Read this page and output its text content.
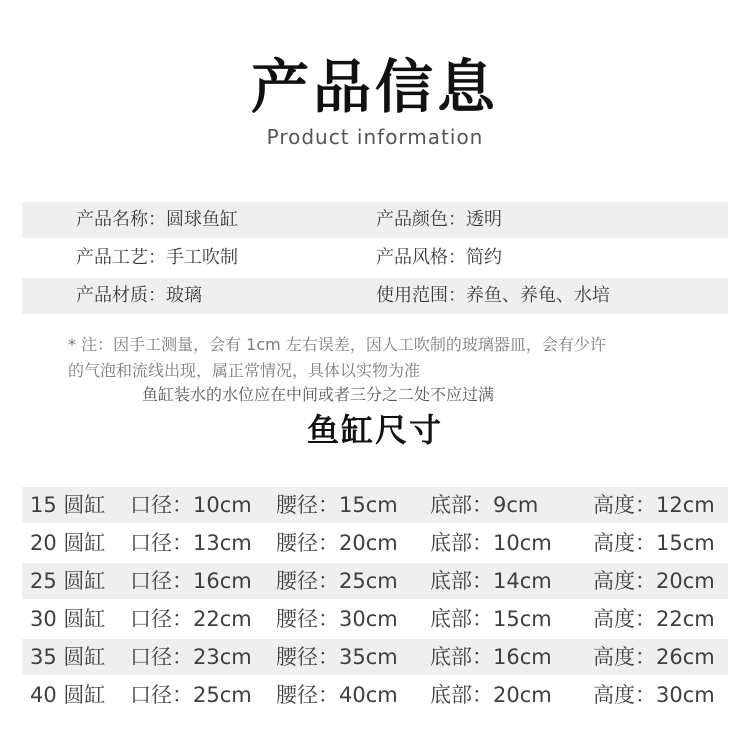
产品信息
Product information
产品名称：圆球鱼缸	产品颜色：透明
产品工艺：手工吹制	产品风格：简约
产品材质：玻璃	使用范围：养鱼、养龟、水培
* 注：因手工测量，会有 1cm 左右误差，因人工吹制的玻璃器皿，会有少许
的气泡和流线出现，属正常情况，具体以实物为准
鱼缸装水的水位应在中间或者三分之二处不应过满
鱼缸尺寸
15 圆缸 口径：10cm 腰径：15cm 底部：9cm	高度：12cm
20 圆缸 口径：13cm 腰径：20cm 底部：10cm 高度：15cm
25 圆缸 口径：16cm 腰径：25cm 底部：14cm 高度：20cm
30 圆缸 口径：22cm 腰径：30cm 底部：15cm 高度：22cm
35 圆缸 口径：23cm 腰径：35cm 底部：16cm 高度：26cm
40 圆缸 口径：25cm 腰径：40cm 底部：20cm 高度：30cm
